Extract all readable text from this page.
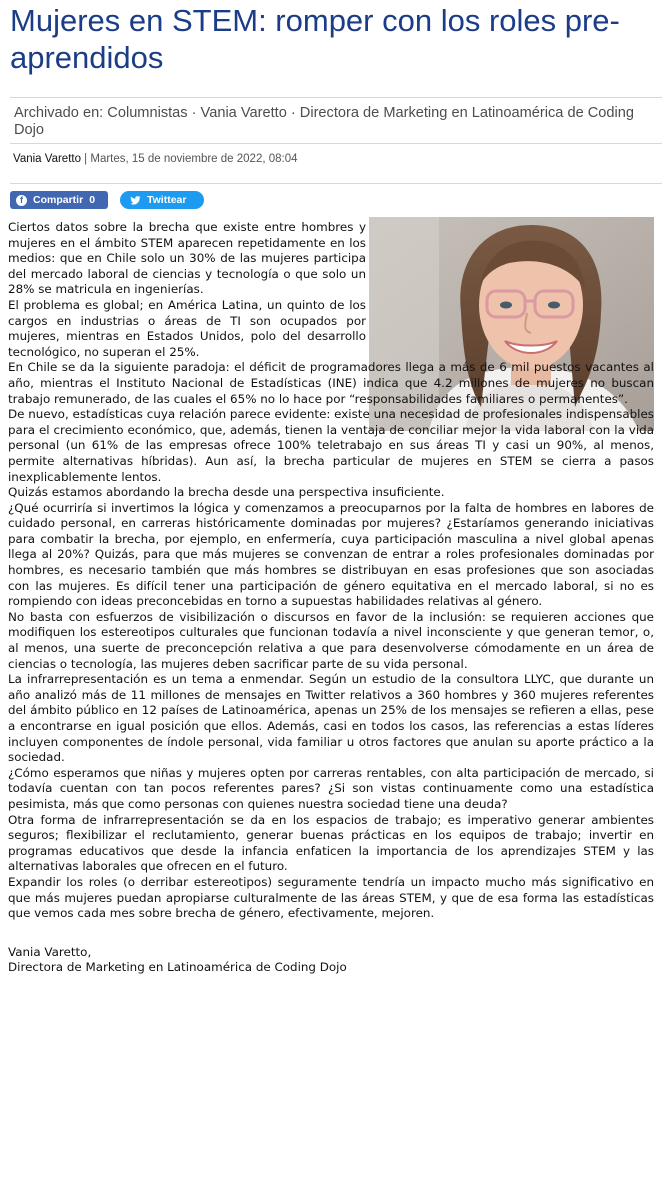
Mujeres en STEM: romper con los roles pre-aprendidos
Archivado en: Columnistas · Vania Varetto · Directora de Marketing en Latinoamérica de Coding Dojo
Vania Varetto | Martes, 15 de noviembre de 2022, 08:04
f Compartir 0	Twittear

Ciertos datos sobre la brecha que existe entre hombres y mujeres en el ámbito STEM aparecen repetidamente en los medios: que en Chile solo un 30% de las mujeres participa del mercado laboral de ciencias y tecnología o que solo un 28% se matricula en ingenierías.

El problema es global; en América Latina, un quinto de los cargos en industrias o áreas de TI son ocupados por mujeres, mientras en Estados Unidos, polo del desarrollo tecnológico, no superan el 25%.

En Chile se da la siguiente paradoja: el déficit de programadores llega a más de 6 mil puestos vacantes al año, mientras el Instituto Nacional de Estadísticas (INE) indica que 4.2 millones de mujeres no buscan trabajo remunerado, de las cuales el 65% no lo hace por “responsabilidades familiares o permanentes”.

De nuevo, estadísticas cuya relación parece evidente: existe una necesidad de profesionales indispensables para el crecimiento económico, que, además, tienen la ventaja de conciliar mejor la vida laboral con la vida personal (un 61% de las empresas ofrece 100% teletrabajo en sus áreas TI y casi un 90%, al menos, permite alternativas híbridas). Aun así, la brecha particular de mujeres en STEM se cierra a pasos inexplicablemente lentos.

Quizás estamos abordando la brecha desde una perspectiva insuficiente.

¿Qué ocurriría si invertimos la lógica y comenzamos a preocuparnos por la falta de hombres en labores de cuidado personal, en carreras históricamente dominadas por mujeres? ¿Estaríamos generando iniciativas para combatir la brecha, por ejemplo, en enfermería, cuya participación masculina a nivel global apenas llega al 20%? Quizás, para que más mujeres se convenzan de entrar a roles profesionales dominadas por hombres, es necesario también que más hombres se distribuyan en esas profesiones que son asociadas con las mujeres. Es difícil tener una participación de género equitativa en el mercado laboral, si no es rompiendo con ideas preconcebidas en torno a supuestas habilidades relativas al género.

No basta con esfuerzos de visibilización o discursos en favor de la inclusión: se requieren acciones que modifiquen los estereotipos culturales que funcionan todavía a nivel inconsciente y que generan temor, o, al menos, una suerte de preconcepción relativa a que para desenvolverse cómodamente en un área de ciencias o tecnología, las mujeres deben sacrificar parte de su vida personal.

La infrarrepresentación es un tema a enmendar. Según un estudio de la consultora LLYC, que durante un año analizó más de 11 millones de mensajes en Twitter relativos a 360 hombres y 360 mujeres referentes del ámbito público en 12 países de Latinoamérica, apenas un 25% de los mensajes se refieren a ellas, pese a encontrarse en igual posición que ellos. Además, casi en todos los casos, las referencias a estas líderes incluyen componentes de índole personal, vida familiar u otros factores que anulan su aporte práctico a la sociedad.

¿Cómo esperamos que niñas y mujeres opten por carreras rentables, con alta participación de mercado, si todavía cuentan con tan pocos referentes pares? ¿Si son vistas continuamente como una estadística pesimista, más que como personas con quienes nuestra sociedad tiene una deuda?

Otra forma de infrarrepresentación se da en los espacios de trabajo; es imperativo generar ambientes seguros; flexibilizar el reclutamiento, generar buenas prácticas en los equipos de trabajo; invertir en programas educativos que desde la infancia enfaticen la importancia de los aprendizajes STEM y las alternativas laborales que ofrecen en el futuro.

Expandir los roles (o derribar estereotipos) seguramente tendría un impacto mucho más significativo en que más mujeres puedan apropiarse culturalmente de las áreas STEM, y que de esa forma las estadísticas que vemos cada mes sobre brecha de género, efectivamente, mejoren.

Vania Varetto,

Directora de Marketing en Latinoamérica de Coding Dojo
